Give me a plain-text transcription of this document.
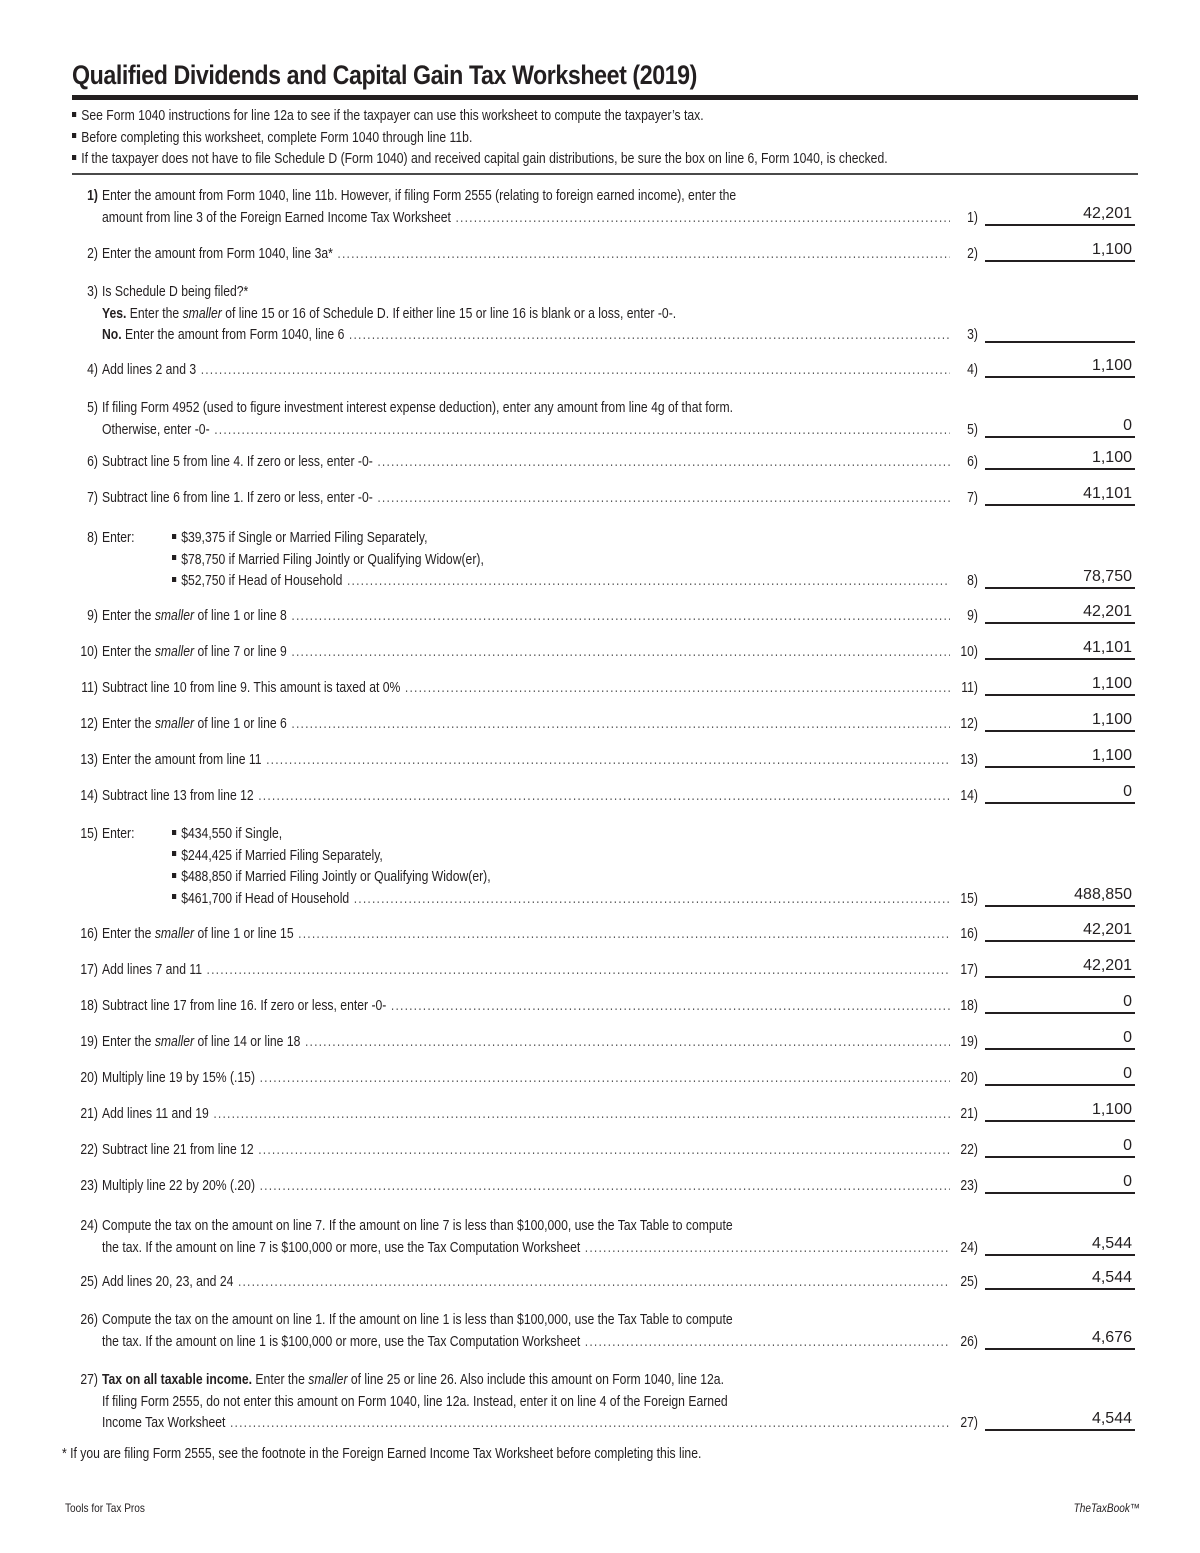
Qualified Dividends and Capital Gain Tax Worksheet (2019)
See Form 1040 instructions for line 12a to see if the taxpayer can use this worksheet to compute the taxpayer’s tax.
Before completing this worksheet, complete Form 1040 through line 11b.
If the taxpayer does not have to file Schedule D (Form 1040) and received capital gain distributions, be sure the box on line 6, Form 1040, is checked.
1) Enter the amount from Form 1040, line 11b. However, if filing Form 2555 (relating to foreign earned income), enter the
amount from line 3 of the Foreign Earned Income Tax Worksheet .....	1)	42,201
2) Enter the amount from Form 1040, line 3a* .....	2)	1,100
3) Is Schedule D being filed?*
Yes. Enter the smaller of line 15 or 16 of Schedule D. If either line 15 or line 16 is blank or a loss, enter -0-.
No. Enter the amount from Form 1040, line 6 .....	3)
4) Add lines 2 and 3 .....	4)	1,100
5) If filing Form 4952 (used to figure investment interest expense deduction), enter any amount from line 4g of that form.
Otherwise, enter -0- .....	5)	0
6) Subtract line 5 from line 4. If zero or less, enter -0- .....	6)	1,100
7) Subtract line 6 from line 1. If zero or less, enter -0- .....	7)	41,101
8) Enter:	$39,375 if Single or Married Filing Separately,
$78,750 if Married Filing Jointly or Qualifying Widow(er),
$52,750 if Head of Household .....	8)	78,750
9) Enter the smaller of line 1 or line 8 .....	9)	42,201
10) Enter the smaller of line 7 or line 9 .....	10)	41,101
11) Subtract line 10 from line 9. This amount is taxed at 0% .....	11)	1,100
12) Enter the smaller of line 1 or line 6 .....	12)	1,100
13) Enter the amount from line 11 .....	13)	1,100
14) Subtract line 13 from line 12 .....	14)	0
15) Enter:	$434,550 if Single,
$244,425 if Married Filing Separately,
$488,850 if Married Filing Jointly or Qualifying Widow(er),
$461,700 if Head of Household .....	15)	488,850
16) Enter the smaller of line 1 or line 15 .....	16)	42,201
17) Add lines 7 and 11 .....	17)	42,201
18) Subtract line 17 from line 16. If zero or less, enter -0- .....	18)	0
19) Enter the smaller of line 14 or line 18 .....	19)	0
20) Multiply line 19 by 15% (.15) .....	20)	0
21) Add lines 11 and 19 .....	21)	1,100
22) Subtract line 21 from line 12 .....	22)	0
23) Multiply line 22 by 20% (.20) .....	23)	0
24) Compute the tax on the amount on line 7. If the amount on line 7 is less than $100,000, use the Tax Table to compute
the tax. If the amount on line 7 is $100,000 or more, use the Tax Computation Worksheet .....	24)	4,544
25) Add lines 20, 23, and 24 .....	25)	4,544
26) Compute the tax on the amount on line 1. If the amount on line 1 is less than $100,000, use the Tax Table to compute
the tax. If the amount on line 1 is $100,000 or more, use the Tax Computation Worksheet .....	26)	4,676
27) Tax on all taxable income. Enter the smaller of line 25 or line 26. Also include this amount on Form 1040, line 12a.
If filing Form 2555, do not enter this amount on Form 1040, line 12a. Instead, enter it on line 4 of the Foreign Earned
Income Tax Worksheet .....	27)	4,544
* If you are filing Form 2555, see the footnote in the Foreign Earned Income Tax Worksheet before completing this line.
Tools for Tax Pros	TheTaxBook™
